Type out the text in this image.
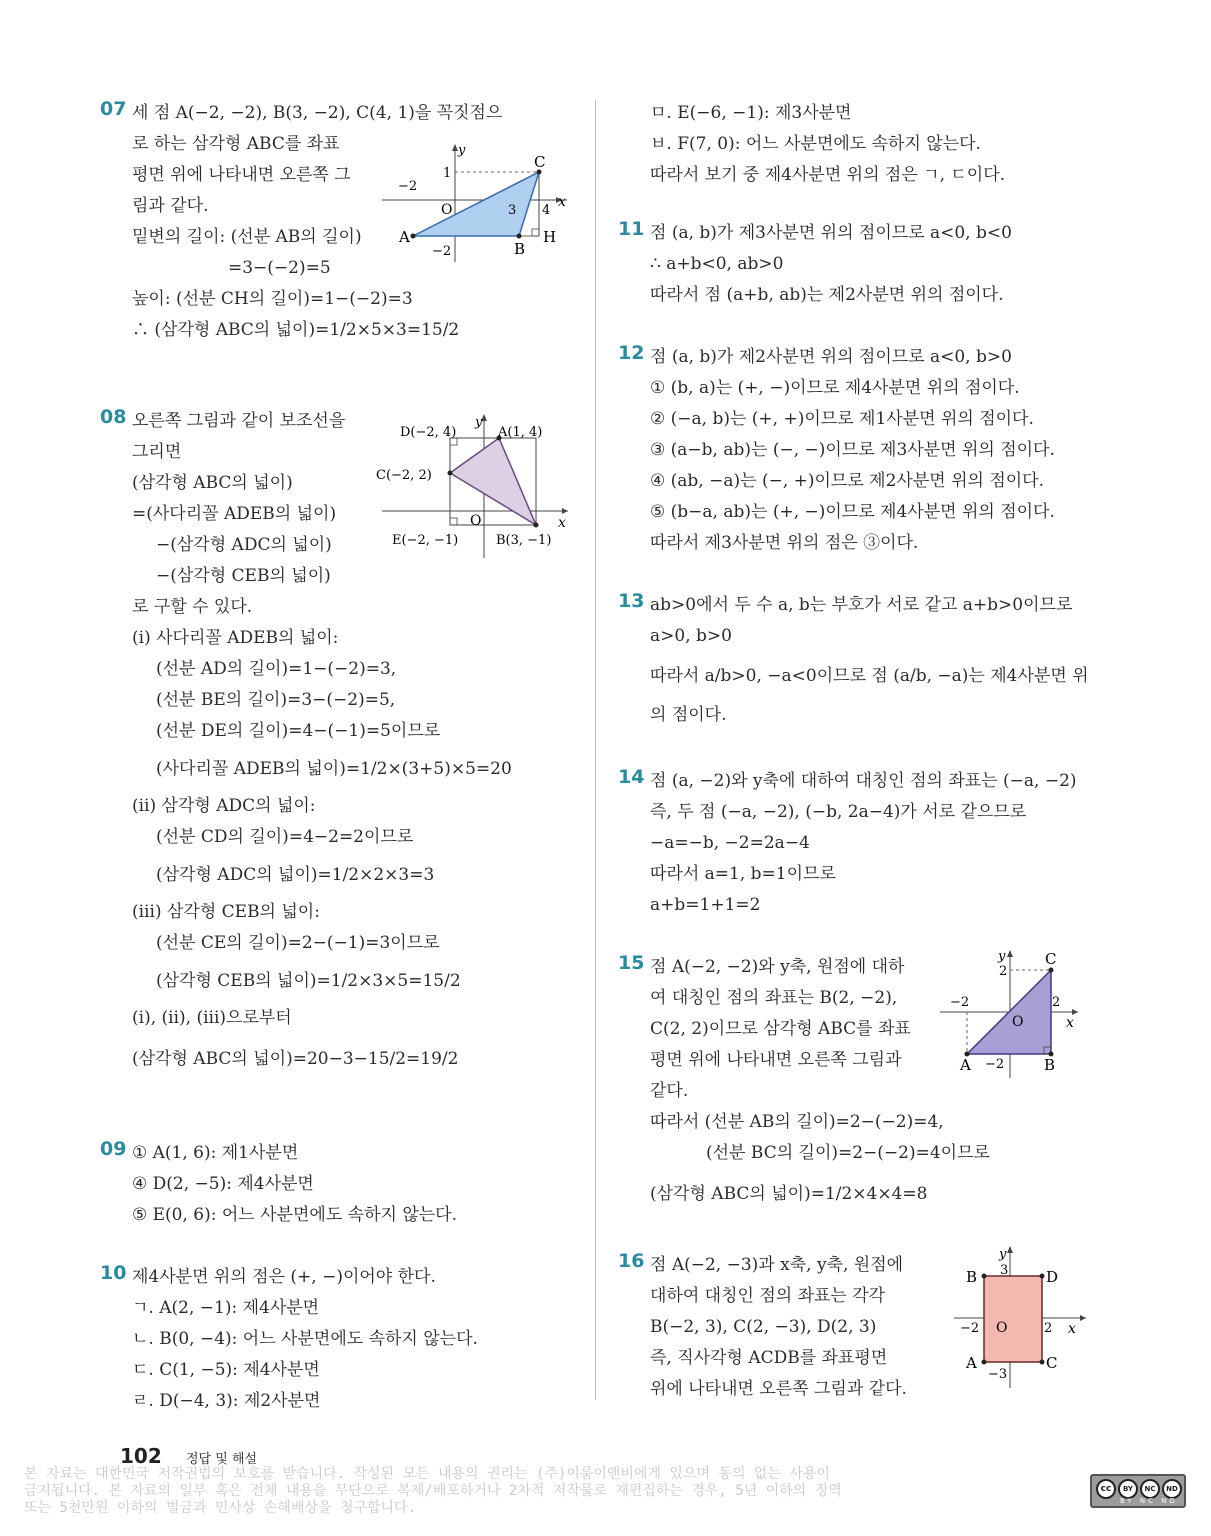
07 세 점 A(−2, −2), B(3, −2), C(4, 1)을 꼭짓점으
로 하는 삼각형 ABC를 좌표
평면 위에 나타내면 오른쪽 그
림과 같다.
밑변의 길이: (선분 AB의 길이)
=3−(−2)=5
높이: (선분 CH의 길이)=1−(−2)=3
∴ (삼각형 ABC의 넓이)=1/2×5×3=15/2
y
x
C
1
−2
O	3 4
A
−2	B
H
08 오른쪽 그림과 같이 보조선을
그리면
(삼각형 ABC의 넓이)
=(사다리꼴 ADEB의 넓이)
−(삼각형 ADC의 넓이)
−(삼각형 CEB의 넓이)
로 구할 수 있다.
(ⅰ) 사다리꼴 ADEB의 넓이:
(선분 AD의 길이)=1−(−2)=3,
(선분 BE의 길이)=3−(−2)=5,
(선분 DE의 길이)=4−(−1)=5이므로
(사다리꼴 ADEB의 넓이)=1/2×(3+5)×5=20
(ⅱ) 삼각형 ADC의 넓이:
(선분 CD의 길이)=4−2=2이므로
(삼각형 ADC의 넓이)=1/2×2×3=3
(ⅲ) 삼각형 CEB의 넓이:
(선분 CE의 길이)=2−(−1)=3이므로
(삼각형 CEB의 넓이)=1/2×3×5=15/2
(ⅰ), (ⅱ), (ⅲ)으로부터
(삼각형 ABC의 넓이)=20−3−15/2=19/2
D(−2, 4)
y
A(1, 4)
C(−2, 2)
x
O
E(−2, −1)	B(3, −1)
09 ① A(1, 6): 제1사분면
④ D(2, −5): 제4사분면
⑤ E(0, 6): 어느 사분면에도 속하지 않는다.
10 제4사분면 위의 점은 (+, −)이어야 한다.
ㄱ. A(2, −1): 제4사분면
ㄴ. B(0, −4): 어느 사분면에도 속하지 않는다.
ㄷ. C(1, −5): 제4사분면
ㄹ. D(−4, 3): 제2사분면
ㅁ. E(−6, −1): 제3사분면
ㅂ. F(7, 0): 어느 사분면에도 속하지 않는다.
따라서 보기 중 제4사분면 위의 점은 ㄱ, ㄷ이다.
11 점 (a, b)가 제3사분면 위의 점이므로 a<0, b<0
∴ a+b<0, ab>0
따라서 점 (a+b, ab)는 제2사분면 위의 점이다.
12 점 (a, b)가 제2사분면 위의 점이므로 a<0, b>0
① (b, a)는 (+, −)이므로 제4사분면 위의 점이다.
② (−a, b)는 (+, +)이므로 제1사분면 위의 점이다.
③ (a−b, ab)는 (−, −)이므로 제3사분면 위의 점이다.
④ (ab, −a)는 (−, +)이므로 제2사분면 위의 점이다.
⑤ (b−a, ab)는 (+, −)이므로 제4사분면 위의 점이다.
따라서 제3사분면 위의 점은 ③이다.
13 ab>0에서 두 수 a, b는 부호가 서로 같고 a+b>0이므로
a>0, b>0
따라서 a/b>0, −a<0이므로 점 (a/b, −a)는 제4사분면 위
의 점이다.
14 점 (a, −2)와 y축에 대하여 대칭인 점의 좌표는 (−a, −2)
즉, 두 점 (−a, −2), (−b, 2a−4)가 서로 같으므로
−a=−b, −2=2a−4
따라서 a=1, b=1이므로
a+b=1+1=2
15 점 A(−2, −2)와 y축, 원점에 대하
여 대칭인 점의 좌표는 B(2, −2),
C(2, 2)이므로 삼각형 ABC를 좌표
평면 위에 나타내면 오른쪽 그림과
같다.
따라서 (선분 AB의 길이)=2−(−2)=4,
(선분 BC의 길이)=2−(−2)=4이므로
(삼각형 ABC의 넓이)=1/2×4×4=8
y	C
2
−2	2
O	x
A −2	B
16 점 A(−2, −3)과 x축, y축, 원점에
대하여 대칭인 점의 좌표는 각각
B(−2, 3), C(2, −3), D(2, 3)
즉, 직사각형 ACDB를 좌표평면
위에 나타내면 오른쪽 그림과 같다.
y
3
B	D
−2 O	2 x
A
−3
C
102 정답 및 해설
본 자료는 대한민국 저작권법의 보호를 받습니다. 작성된 모든 내용의 권리는 (주)이룸이앤비에게 있으며 동의 없는 사용이
금지됩니다. 본 자료의 일부 혹은 전체 내용을 무단으로 복제/배포하거나 2차적 저작물로 재편집하는 경우, 5년 이하의 징역
또는 5천만원 이하의 벌금과 민사상 손해배상을 청구합니다.
cc	BY	NC	ND
BY NC ND
